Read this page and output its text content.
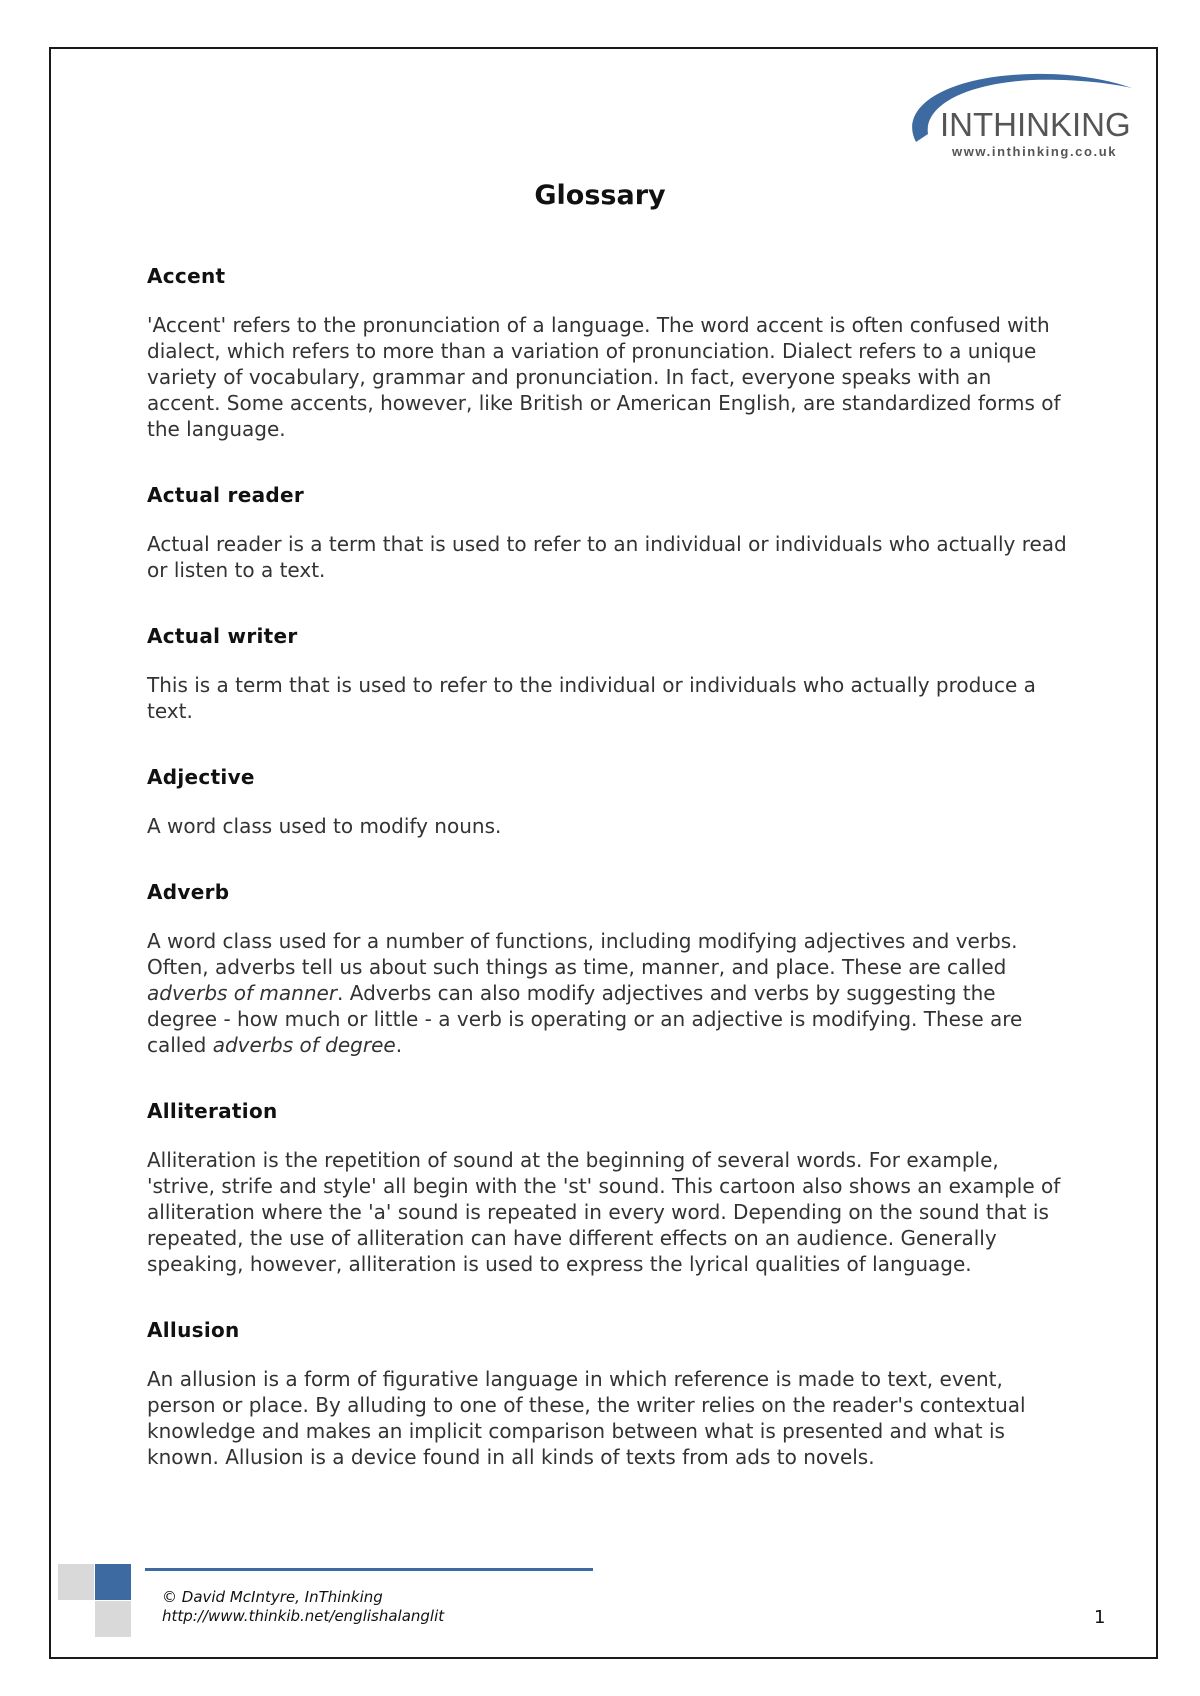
INTHINKING
www.inthinking.co.uk
Glossary

Accent

'Accent' refers to the pronunciation of a language. The word accent is often confused with dialect, which refers to more than a variation of pronunciation. Dialect refers to a unique variety of vocabulary, grammar and pronunciation. In fact, everyone speaks with an accent. Some accents, however, like British or American English, are standardized forms of the language.

Actual reader

Actual reader is a term that is used to refer to an individual or individuals who actually read or listen to a text.

Actual writer

This is a term that is used to refer to the individual or individuals who actually produce a text.

Adjective

A word class used to modify nouns.

Adverb

A word class used for a number of functions, including modifying adjectives and verbs. Often, adverbs tell us about such things as time, manner, and place. These are called adverbs of manner. Adverbs can also modify adjectives and verbs by suggesting the degree - how much or little - a verb is operating or an adjective is modifying. These are called adverbs of degree.

Alliteration

Alliteration is the repetition of sound at the beginning of several words. For example, 'strive, strife and style' all begin with the 'st' sound. This cartoon also shows an example of alliteration where the 'a' sound is repeated in every word. Depending on the sound that is repeated, the use of alliteration can have different effects on an audience. Generally speaking, however, alliteration is used to express the lyrical qualities of language.

Allusion

An allusion is a form of figurative language in which reference is made to text, event, person or place. By alluding to one of these, the writer relies on the reader's contextual knowledge and makes an implicit comparison between what is presented and what is known. Allusion is a device found in all kinds of texts from ads to novels.

© David McIntyre, InThinking
http://www.thinkib.net/englishalanglit	1
